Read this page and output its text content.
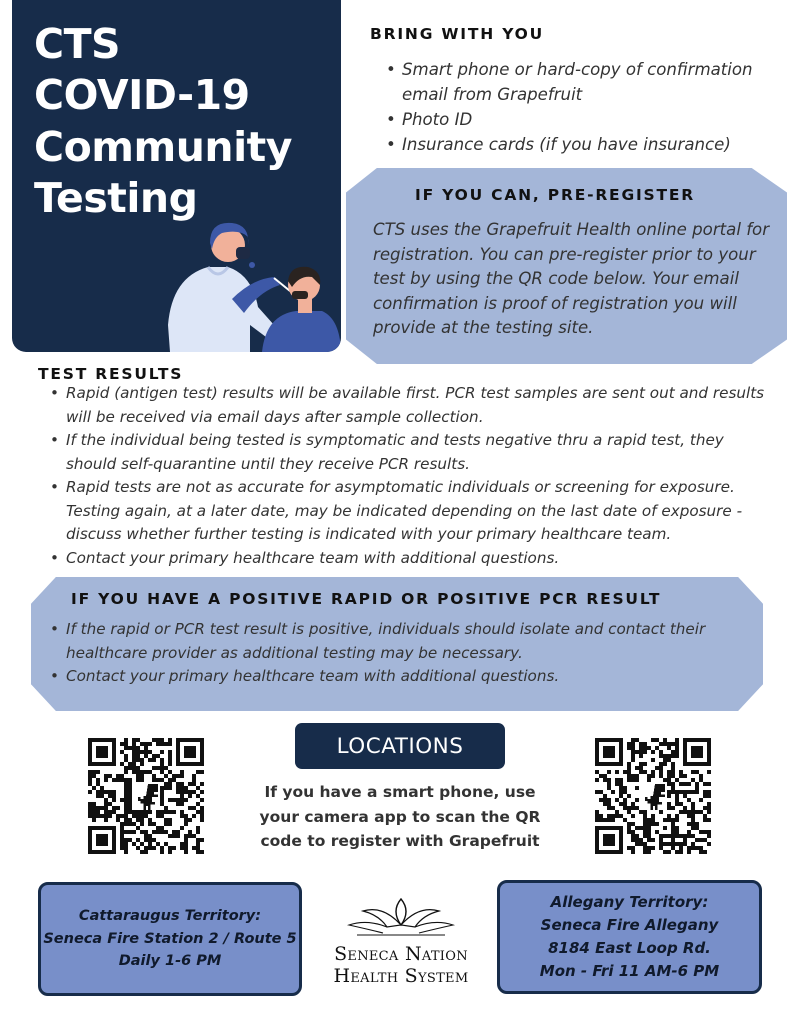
CTS
COVID-19
Community
Testing
BRING WITH YOU
• Smart phone or hard-copy of confirmation email from Grapefruit
• Photo ID
• Insurance cards (if you have insurance)
IF YOU CAN, PRE-REGISTER
CTS uses the Grapefruit Health online portal for registration. You can pre-register prior to your test by using the QR code below. Your email confirmation is proof of registration you will provide at the testing site.
TEST RESULTS
• Rapid (antigen test) results will be available first. PCR test samples are sent out and results will be received via email days after sample collection.
• If the individual being tested is symptomatic and tests negative thru a rapid test, they should self-quarantine until they receive PCR results.
• Rapid tests are not as accurate for asymptomatic individuals or screening for exposure. Testing again, at a later date, may be indicated depending on the last date of exposure - discuss whether further testing is indicated with your primary healthcare team.
• Contact your primary healthcare team with additional questions.
IF YOU HAVE A POSITIVE RAPID OR POSITIVE PCR RESULT
• If the rapid or PCR test result is positive, individuals should isolate and contact their healthcare provider as additional testing may be necessary.
• Contact your primary healthcare team with additional questions.
LOCATIONS
If you have a smart phone, use your camera app to scan the QR code to register with Grapefruit
Cattaraugus Territory:
Seneca Fire Station 2 / Route 5
Daily 1-6 PM
Allegany Territory:
Seneca Fire Allegany
8184 East Loop Rd.
Mon - Fri 11 AM-6 PM
Seneca Nation
Health System
